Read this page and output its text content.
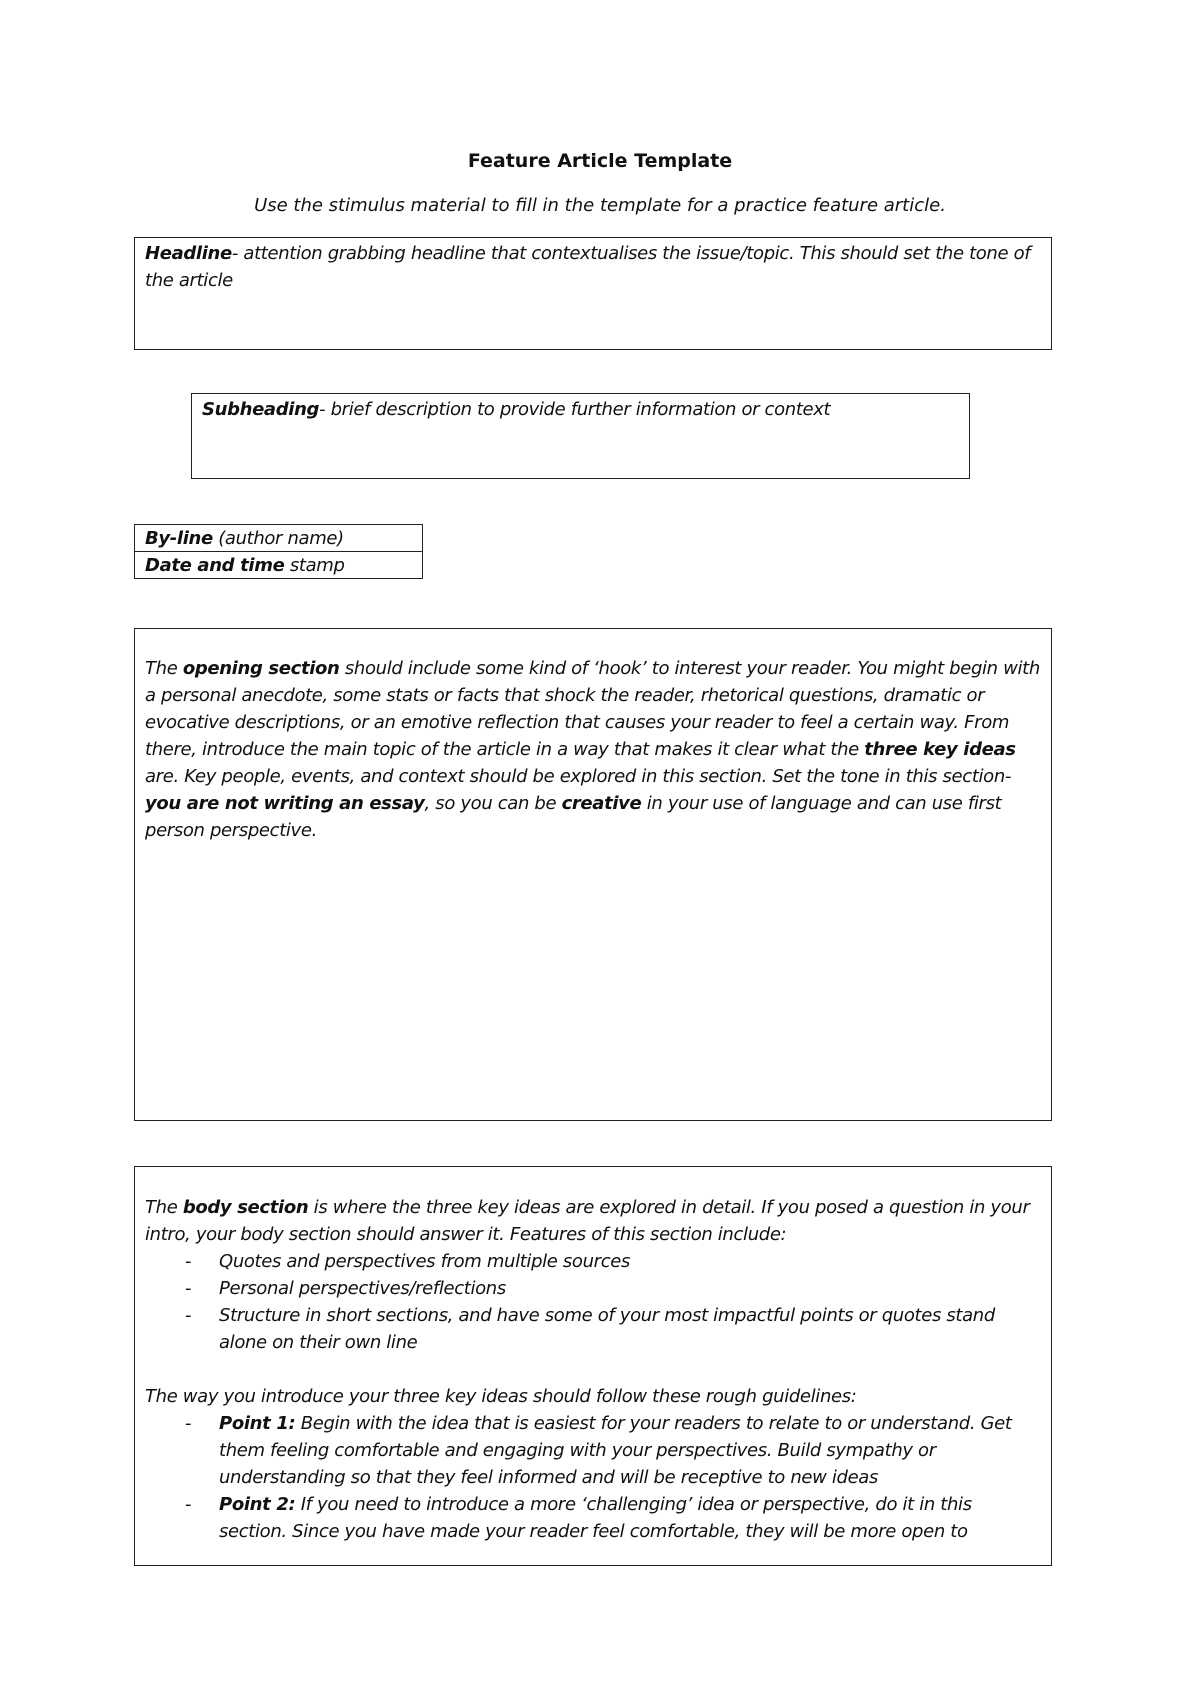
Feature Article Template
Use the stimulus material to fill in the template for a practice feature article.
Headline- attention grabbing headline that contextualises the issue/topic. This should set the tone of the article
Subheading- brief description to provide further information or context
By-line (author name)
Date and time stamp

The opening section should include some kind of ‘hook’ to interest your reader. You might begin with a personal anecdote, some stats or facts that shock the reader, rhetorical questions, dramatic or evocative descriptions, or an emotive reflection that causes your reader to feel a certain way. From there, introduce the main topic of the article in a way that makes it clear what the three key ideas are. Key people, events, and context should be explored in this section. Set the tone in this section- you are not writing an essay, so you can be creative in your use of language and can use first person perspective.

The body section is where the three key ideas are explored in detail. If you posed a question in your intro, your body section should answer it. Features of this section include:

- Quotes and perspectives from multiple sources
- Personal perspectives/reflections
- Structure in short sections, and have some of your most impactful points or quotes stand alone on their own line

The way you introduce your three key ideas should follow these rough guidelines:

- Point 1: Begin with the idea that is easiest for your readers to relate to or understand. Get them feeling comfortable and engaging with your perspectives. Build sympathy or understanding so that they feel informed and will be receptive to new ideas
- Point 2: If you need to introduce a more ‘challenging’ idea or perspective, do it in this section. Since you have made your reader feel comfortable, they will be more open to
